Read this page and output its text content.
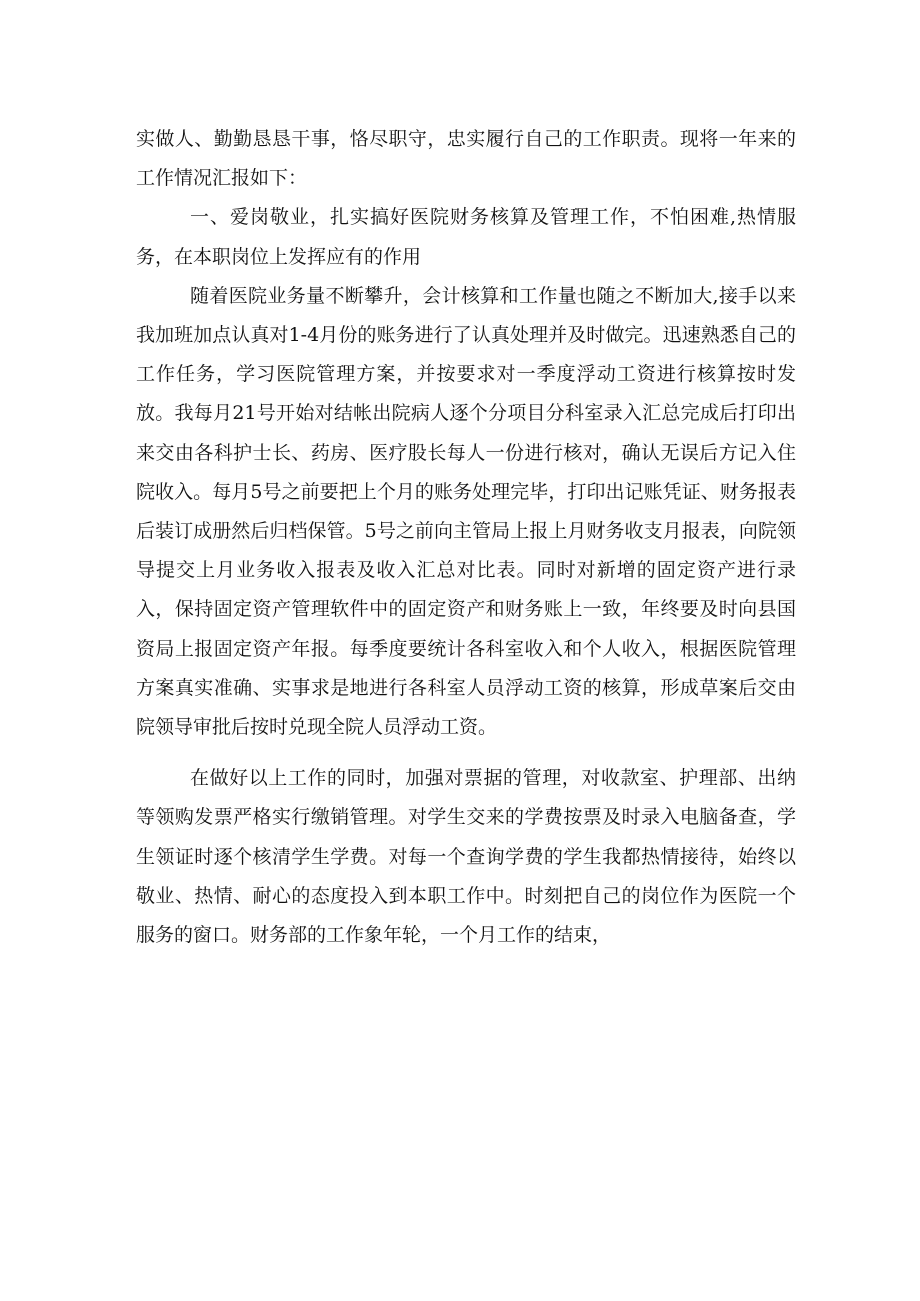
实做人、勤勤恳恳干事，恪尽职守，忠实履行自己的工作职责。现将一年来的工作情况汇报如下：

一、爱岗敬业，扎实搞好医院财务核算及管理工作，不怕困难,热情服务，在本职岗位上发挥应有的作用

随着医院业务量不断攀升，会计核算和工作量也随之不断加大,接手以来我加班加点认真对1-4月份的账务进行了认真处理并及时做完。迅速熟悉自己的工作任务，学习医院管理方案，并按要求对一季度浮动工资进行核算按时发放。我每月21号开始对结帐出院病人逐个分项目分科室录入汇总完成后打印出来交由各科护士长、药房、医疗股长每人一份进行核对，确认无误后方记入住院收入。每月5号之前要把上个月的账务处理完毕，打印出记账凭证、财务报表后装订成册然后归档保管。5号之前向主管局上报上月财务收支月报表，向院领导提交上月业务收入报表及收入汇总对比表。同时对新增的固定资产进行录入，保持固定资产管理软件中的固定资产和财务账上一致，年终要及时向县国资局上报固定资产年报。每季度要统计各科室收入和个人收入，根据医院管理方案真实准确、实事求是地进行各科室人员浮动工资的核算，形成草案后交由院领导审批后按时兑现全院人员浮动工资。

在做好以上工作的同时，加强对票据的管理，对收款室、护理部、出纳等领购发票严格实行缴销管理。对学生交来的学费按票及时录入电脑备查，学生领证时逐个核清学生学费。对每一个查询学费的学生我都热情接待，始终以敬业、热情、耐心的态度投入到本职工作中。时刻把自己的岗位作为医院一个服务的窗口。财务部的工作象年轮，一个月工作的结束，
